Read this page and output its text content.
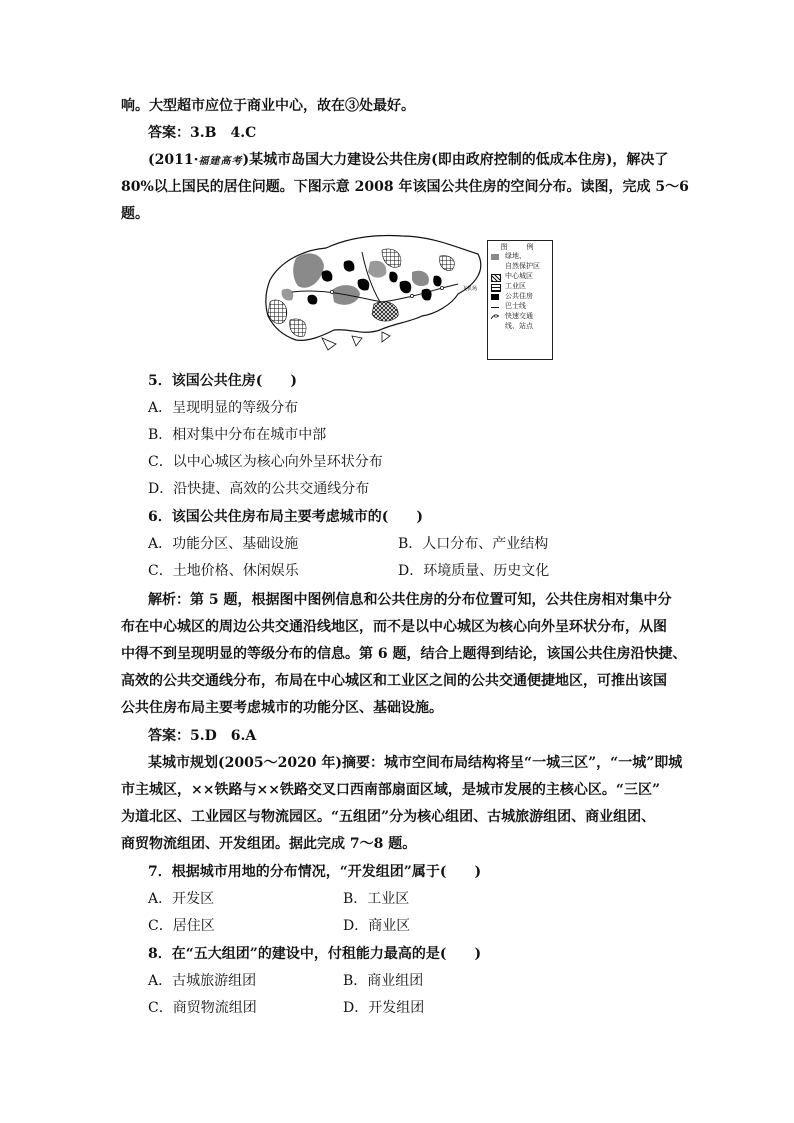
响。大型超市应位于商业中心，故在③处最好。
答案：3.B　4.C
(2011·福建高考)某城市岛国大力建设公共住房(即由政府控制的低成本住房)，解决了
80%以上国民的居住问题。下图示意 2008 年该国公共住房的空间分布。读图，完成 5～6
题。
飞机场
图　例
绿地、
自然保护区
中心城区
工业区
公共住房
巴士线
快速交通
线、站点
5．该国公共住房(　　)
A．呈现明显的等级分布
B．相对集中分布在城市中部
C．以中心城区为核心向外呈环状分布
D．沿快捷、高效的公共交通线分布
6．该国公共住房布局主要考虑城市的(　　)
A．功能分区、基础设施	B．人口分布、产业结构
C．土地价格、休闲娱乐	D．环境质量、历史文化
解析：第 5 题，根据图中图例信息和公共住房的分布位置可知，公共住房相对集中分
布在中心城区的周边公共交通沿线地区，而不是以中心城区为核心向外呈环状分布，从图
中得不到呈现明显的等级分布的信息。第 6 题，结合上题得到结论，该国公共住房沿快捷、
高效的公共交通线分布，布局在中心城区和工业区之间的公共交通便捷地区，可推出该国
公共住房布局主要考虑城市的功能分区、基础设施。
答案：5.D　6.A
某城市规划(2005～2020 年)摘要：城市空间布局结构将呈“一城三区”，“一城”即城
市主城区，××铁路与××铁路交叉口西南部扇面区域，是城市发展的主核心区。“三区”
为道北区、工业园区与物流园区。“五组团”分为核心组团、古城旅游组团、商业组团、
商贸物流组团、开发组团。据此完成 7～8 题。
7．根据城市用地的分布情况，“开发组团”属于(　　)
A．开发区	B．工业区
C．居住区	D．商业区
8．在“五大组团”的建设中，付租能力最高的是(　　)
A．古城旅游组团	B．商业组团
C．商贸物流组团	D．开发组团
